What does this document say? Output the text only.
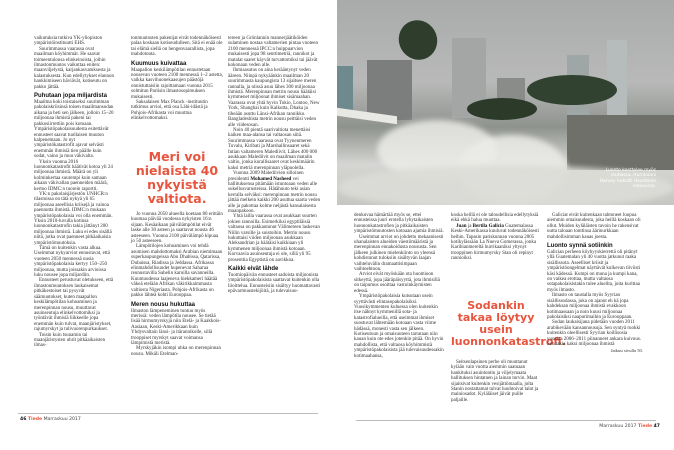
vaikutuksia tutkiva YK-yliopiston ympäristöinstituutti EHS.

Suurimmassa vaarassa ovat maailman köyhimmät. He saavat toimeentulonsa elinkeinoista, joihin ilmastonmuutos vaikuttaa eniten: maanviljelystä, karjankasvatuksesta ja kalastuksesta. Kun edellytykset elannon hankkimiseen häviävät, kotiseutu on pakko jättää.

Puhutaan jopa miljardista

Maailma koki toistaiseksi suurimman pakolaiskriisinsä toisen maailmansodan aikana ja heti sen jälkeen, jolloin 15–20 miljoonaa ihmistä pakeni tai pakkosiirrettiin pois kotoaan. Ympäristöpakolaisuudesta esitettävät ennusteet saavat tuollaisen muuton kalpenemaan. Jo nyt ympäristökatastrofit ajavat selvästi enemmän ihmisiä tien päälle kuin sodat, vaino ja muu väkivalta.

Yksin vuonna 2016 luonnonkatastrofit häätivät kotoa yli 24 miljoonaa ihmistä. Määrä on yli kolminkertaa suurempi kuin samaan aikaan väkivallan paenneiden määrä, kertoo IDMC:n tuorein raportti.

YK:n pakolaisjärjestön UNHCR:n tilastoissa on tätä nykyä yli 65 miljoonaa aseellisia kriisejä ja vainoa paennutta ihmistä. IDMC:n mukaan ympäristöpakolaisia voi olla enemmän. Yksin 2010-luvulla kotinsa luonnonkatastrofin takia jättänyt 200 miljoonaa ihmistä. Luku ei edes sisällä niitä, jotka ovat paenneet pitkäaikaisia ympäristömuutoksia.

Tämä on kuitenkin vasta alkua. Useimmat nykyarviot ennustavat, että vuoteen 2050 mennessä uusia ympäristöpakolaisia kertyy 150–250 miljoonaa, mutta joissakin arvioissa luku nousee jopa miljardiin.

Ennusteet perustuvat oletukseen, että ilmastonmuutoksen laukaisemat pitkäkestoiset tai pysyvät säämuutokset, kuten maapallon keskilämpötilan kohoaminen ja merenpinnan nousu, muuttavat asuinseutuja elinkelvottomiksi ja työntävät ihmisiä liikkeelle jopa enemmän kuin tulvat, maanjäristykset, rajumyrskyt ja tulivuorenpurkaukset.

Toisin kuin tsunamin tai maanjäristysten uhrit pitkäaikaisten ilmas-

tonmuutosten pakenijat eivät todennäköisesti palaa koskaan kotiseudulleen. Sitä ei enää ole tai elämä siellä on hengenvaarallista, jopa mahdotonta.

Kuumuus kuivattaa

Maapallon keskilämpötilan ennustetaan nousevan vuoteen 2100 mennessä 1–2 astetta, vaikka kasvihuonekaasujen päästöjä onnistuttaisiin rajoittamaan vuonna 2015 solmitun Pariisin ilmastosopimuksen mukaisesti.

Saksalaisen Max Planck -instituutin tutkimus arvioi, että osa Lähi-idästä ja Pohjois-Afrikasta voi muuttua elinkelvottomaksi.

Meri voi nielaista 40 nykyistä valtiota.

Jo vuonna 2050 alueella koetaan 80 erittäin kuumaa päivää vuodessa nykyisten 16:n sijaan. Kesäaikaan päivälämpötilat eivät laske alle 30 asteen ja saattavat nousta 46 asteeseen. Vuonna 2100 päivälämpö kipuaa jo 50 asteeseen.

Lämpötilojen kohoaminen voi tehdä asumisen mahdottomaksi Arabian niemimaan superkaupungeissa Abu Dhabissa, Qatarissa, Dubaissa, Riadissa ja Jeddassa. Afrikassa elinmahdollisuudet hupenevat Saharaa reunustavilla Sahelin karuilla savanneilla. Kuumuudessa laajeneva hiekkameri häätää väkeä etelään Afrikan väkirikkaimmasta valtiosta Nigeriasta. Pohjois-Afrikasta on pakko lähteä kohti Eurooppaa.

Meren nousu hukuttaa

Ilmaston lämpeneminen tuntuu myös merissä: veden lämpötila nousee. Se tietää lisää hirmumyrskyjä niin Etelä- ja Kaakkois-Aasiaan, Keski-Amerikkaan kuin Yhdysvaltain länsi- ja itärannikolle, sillä trooppiset myrskyt saavat voimansa lämpimistä meristä.

Myrskyjäkin isompi uhka on merenpinnan nousu. Mikäli Etelman-

tereen ja Grönlannin mannerjäätiköiden sulaminen nostaa valtamerien pintaa vuoteen 2100 mennessä IPCC:n huippuarvion mukaisesti jopa 98 senttimetriä, rannikot ja matalat saaret käyvät turvattomiksi tai jäävät kokonaan veden alle.

Ihmisasutus on aina kerääntynyt veden ääreen. Niinpä nykyäänkin maailman 20 suurimmasta kaupungista 13 sijaitsee meren rannalla, ja niissä asuu lähes 300 miljoonaa ihmistä. Merenpinnan metrin nousu häätäisi kymmenet miljoonat ihmiset sisämaahan. Vaarassa ovat yhtä hyvin Tokio, Lontoo, New York, Shanghai kuin Kalkutta, Dhaka ja tiheään asuttu Länsi-Afrikan rannikko. Bangladeshista metrin nousu peittäisi veden alle viidesosan.

Noin 40 pientä saarivaltiota menettäisi kaiken maa-alansa tai valtaosan siitä. Suurimmassa vaarassa ovat Tyynenmeren Tuvalu, Kiribati ja Marshallinsaaret sekä Intian valtameren Malediivit. Lähes 400 000 asukkaan Malediivit on maailman matalin valtio, jonka korallisaaret ovat keskimäärin kaksi metriä merenpinnan yläpuolella.

Vuonna 2009 Malediivien silloinen presidentti Mohamed Nasheed vei hallituksensa pitämään istuntoaan veden alle sukellusvarusteissa. Hätähuuto teki asian kerralla selväksi: merenpinnan metrin nousu jättää melkein kaikki 200 asuttua saarta veden alle ja pakottaa kolme neljästä kansalaisesta maanpakoon.

Yhtä lailla vaarassa ovat asukkaat suurten jokien rannoilla. Esimerkiksi egyptiläisiä valtaosa on pakkautunut Välimereen laskevan Niilin varsille ja suistoihin. Metrin nousu hukuttaisi viiden miljoonan asukkaan Aleksandrian ja häätäisi kaikkiaan yli kymmenen miljoonaa ihmistä kotoaan. Korvaavia asuinseutuja ei ole, sillä yli 95 prosenttia Egyptistä on aavikkoa.

Kaikki eivät lähde

Tuomiopäivän ennusteet sadoista miljoonista ympäristöpakolaisista saattavat kuitenkin olla liioittelua. Ennusteisiin sisältyy huomattavasti epävarmuustekijöitä, ja tulevaisuu-

46 Tiede Marraskuu 2017
Luonto koettelee myös rauhassa. Hurrikaani Harvey hukutti Houstonin elokuussa.

denkuvaa hämärtää myös se, ettei ennusteissa juuri erotella lyhytaikaisten luonnonkatastrofien ja pitkäaikaisten ympäristömuutosten kotoaan ajamia ihmisiä.

Useimmat arviot on johdettu mekaanisesti uhanalaisten alueiden väestömääristä ja merenpinnan ennakoidusta noususta. Sen jälkeen julkinen mielenkiinto on yleensä kohdistunut tuloksiin sisältyvän laajan vaihteluvälin dramaattisimpaan vaihtoehtoon.

Arviot eivät myöskään ota huomioon sitkeyttä, jopa jääräpäisyyttä, jota ihmisillä on taipumus osoittaa vastoinkäymisten edessä.

Ympäristöpakolaisia kutsutaan usein syyttävästi elintasopakolaisiksi. Vuosikymmenten kuluessa olen kuitenkin itse nähnyt kymmenillä sota- ja katastrofialueilla, että useimmat ihmiset suostuvat lähtemään kotoaan vasta viime hädässä, monesti vasta sen jälkeen. Kotiseutuun ja omaisuuteen tarrataan niin kauan kuin ote edes jotenkin pitää. On hyvin mahdollista, että valtaosa köyhimmistä ympäristöpakolaisista jää tulevaisuudessakin kotimaahansa,

koska heillä ei ole taloudellisia edellytyksiä eikä ehkä halua muuttaa.

Juan ja Bertila Galicia Guatemalassa Keski-Amerikassa kuuluvat todennäköisesti heihin. Tapasin pariskunnan vuonna 2005 kotikylässään La Nueva Gomerassa, jonka Karibianmereltä hurrikaaniksi yltynyt trooppinen hirmumyrsky Stan oli repinyt raunioiksi.

Sodankin takaa löytyy usein luonnonkatastrofi.

Seitsenlapsinen perhe oli muuttanut kylään vain vuotta aiemmin saatuaan hankituksi asuintontin ja viljelymaata hallituksen hintatuen ja lainan turvin. Maat sijaitsivat kuitenkin vesijättömaalla, jolta Stanin nostattamat tulvat huuhtoivat talot ja mainiosadot. Kyläläiset jäivät puille paljaille.

Galiciat eivät kuitenkaan tahtoneet luopua aiemmin omaisuudesta, joka heillä koskaan oli ollut. Muiden kyläläisten tavoin he rakensivat uutta taloaan tonttinsa äärinurkkaan mahdollisimman kauas joesta.

Luonto synnä sotiinkin

Galician perheen köyhyyskierrettä oli pitänyt yllä Guatemalan yli 40 vuotta jatkunut raaka sisällissota. Aseelliset kriisit ja ympäristöongelmat näyttävät kulkevan tiiviisti käsi kädessä. Kumpi on muna ja kumpi kana, on vaikea erottaa, mutta valtaosa sotapakolaisistakin tulee alueilta, joita kurittaa myös ilmasto.

Ilmasto on taustalla myös Syyrian sisällissodassa, joka on ajanut eh kä jopa kahdeksan miljoonaa ihmistä evakkoon kotimaassaan ja noin kuusi miljoonaa pakolaisiksi naapurimaihin ja Eurooppaan.

Sodan laukaisijana pidetään vuoden 2011 arabikevään kansannousuja. Sen syntyä ruokki kuitenkin oleellisesti Syyrian koillisosia vuosina 2006–2011 piinanneet ankara kuivuus. Sen takia kaksi miljoonaa ihmistä

Jatkuu sivulla 50.
Marraskuu 2017 Tiede 47
